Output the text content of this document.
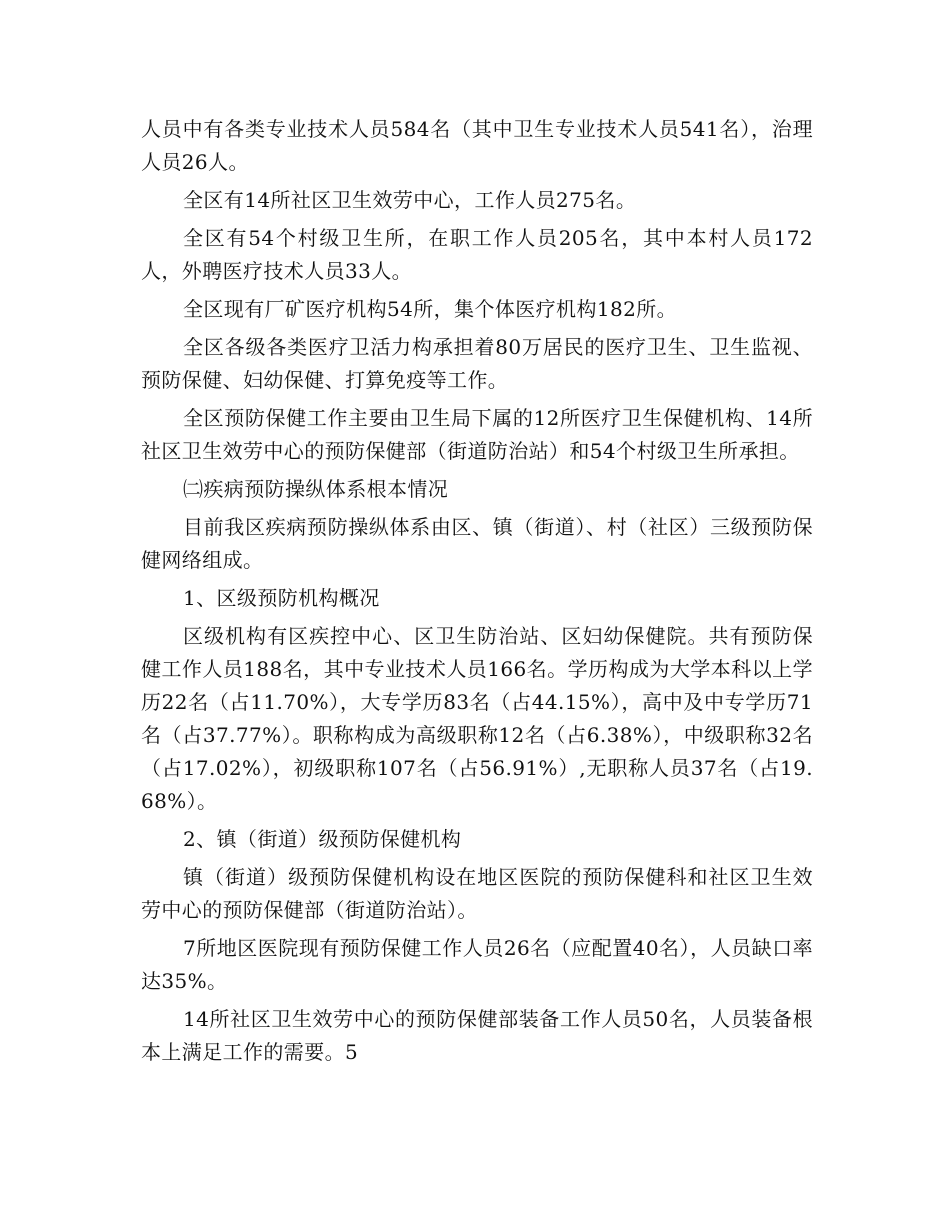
人员中有各类专业技术人员584名（其中卫生专业技术人员541名），治理人员26人。

全区有14所社区卫生效劳中心，工作人员275名。

全区有54个村级卫生所，在职工作人员205名，其中本村人员172人，外聘医疗技术人员33人。

全区现有厂矿医疗机构54所，集个体医疗机构182所。

全区各级各类医疗卫活力构承担着80万居民的医疗卫生、卫生监视、预防保健、妇幼保健、打算免疫等工作。

全区预防保健工作主要由卫生局下属的12所医疗卫生保健机构、14所社区卫生效劳中心的预防保健部（街道防治站）和54个村级卫生所承担。

㈡疾病预防操纵体系根本情况

目前我区疾病预防操纵体系由区、镇（街道）、村（社区）三级预防保健网络组成。

1、区级预防机构概况

区级机构有区疾控中心、区卫生防治站、区妇幼保健院。共有预防保健工作人员188名，其中专业技术人员166名。学历构成为大学本科以上学历22名（占11.70%），大专学历83名（占44.15%），高中及中专学历71名（占37.77%）。职称构成为高级职称12名（占6.38%），中级职称32名（占17.02%），初级职称107名（占56.91%）,无职称人员37名（占19.68%）。

2、镇（街道）级预防保健机构

镇（街道）级预防保健机构设在地区医院的预防保健科和社区卫生效劳中心的预防保健部（街道防治站）。

7所地区医院现有预防保健工作人员26名（应配置40名），人员缺口率达35%。

14所社区卫生效劳中心的预防保健部装备工作人员50名，人员装备根本上满足工作的需要。5
